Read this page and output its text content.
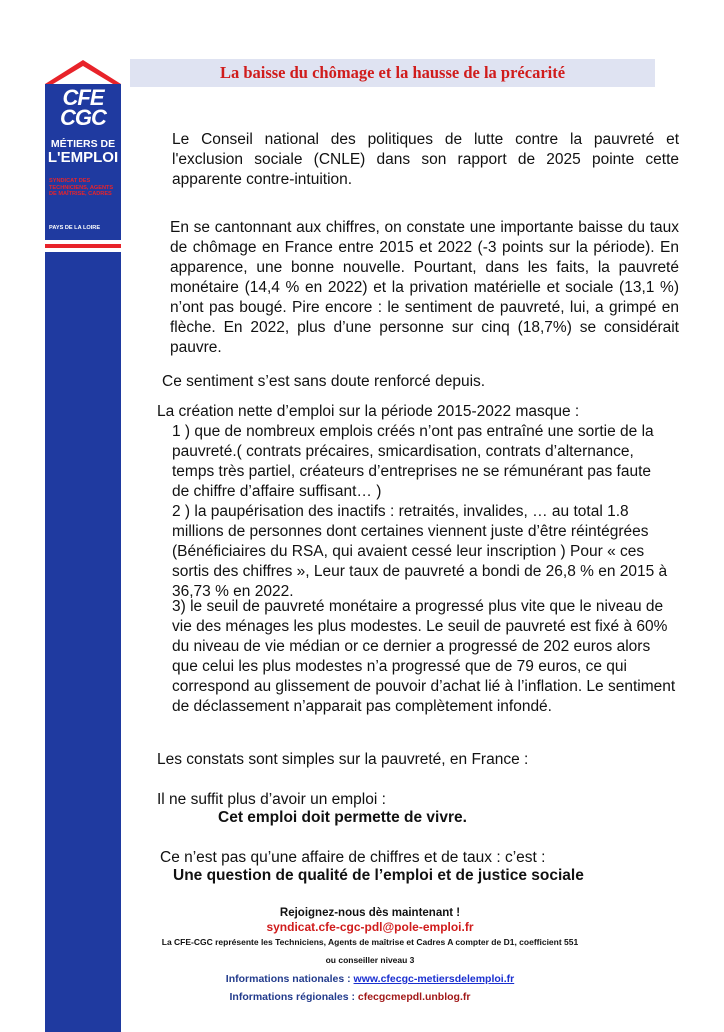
CFE
CGC
MÉTIERS DE
L'EMPLOI
SYNDICAT DES TECHNICIENS, AGENTS DE MAÎTRISE, CADRES
PAYS DE LA LOIRE
La baisse du chômage et la hausse de la précarité

Le Conseil national des politiques de lutte contre la pauvreté et l'exclusion sociale (CNLE) dans son rapport de 2025 pointe cette apparente contre-intuition.

En se cantonnant aux chiffres, on constate une importante baisse du taux de chômage en France entre 2015 et 2022 (-3 points sur la période). En apparence, une bonne nouvelle. Pourtant, dans les faits, la pauvreté monétaire (14,4 % en 2022) et la privation matérielle et sociale (13,1 %) n’ont pas bougé. Pire encore : le sentiment de pauvreté, lui, a grimpé en flèche. En 2022, plus d’une personne sur cinq (18,7%) se considérait pauvre.

Ce sentiment s’est sans doute renforcé depuis.

La création nette d’emploi sur la période 2015-2022 masque :

1 ) que de nombreux emplois créés n’ont pas entraîné une sortie de la pauvreté.( contrats précaires, smicardisation, contrats d’alternance, temps très partiel, créateurs d’entreprises ne se rémunérant pas faute de chiffre d’affaire suffisant… )

2 ) la paupérisation des inactifs : retraités, invalides, … au total 1.8 millions de personnes dont certaines viennent juste d’être réintégrées (Bénéficiaires du RSA, qui avaient cessé leur inscription ) Pour « ces sortis des chiffres », Leur taux de pauvreté a bondi de 26,8 % en 2015 à 36,73 % en 2022.

3) le seuil de pauvreté monétaire a progressé plus vite que le niveau de vie des ménages les plus modestes. Le seuil de pauvreté est fixé à 60% du niveau de vie médian or ce dernier a progressé de 202 euros alors que celui les plus modestes n’a progressé que de 79 euros, ce qui correspond au glissement de pouvoir d’achat lié à l’inflation. Le sentiment de déclassement n’apparait pas complètement infondé.

Les constats sont simples sur la pauvreté, en France :

Il ne suffit plus d’avoir un emploi :

Cet emploi doit permette de vivre.

Ce n’est pas qu’une affaire de chiffres et de taux : c’est :

Une question de qualité de l’emploi et de justice sociale

Rejoignez-nous dès maintenant !
syndicat.cfe-cgc-pdl@pole-emploi.fr
La CFE-CGC représente les Techniciens, Agents de maîtrise et Cadres A compter de D1, coefficient 551
ou conseiller niveau 3
Informations nationales : www.cfecgc-metiersdelemploi.fr
Informations régionales : cfecgcmepdl.unblog.fr
